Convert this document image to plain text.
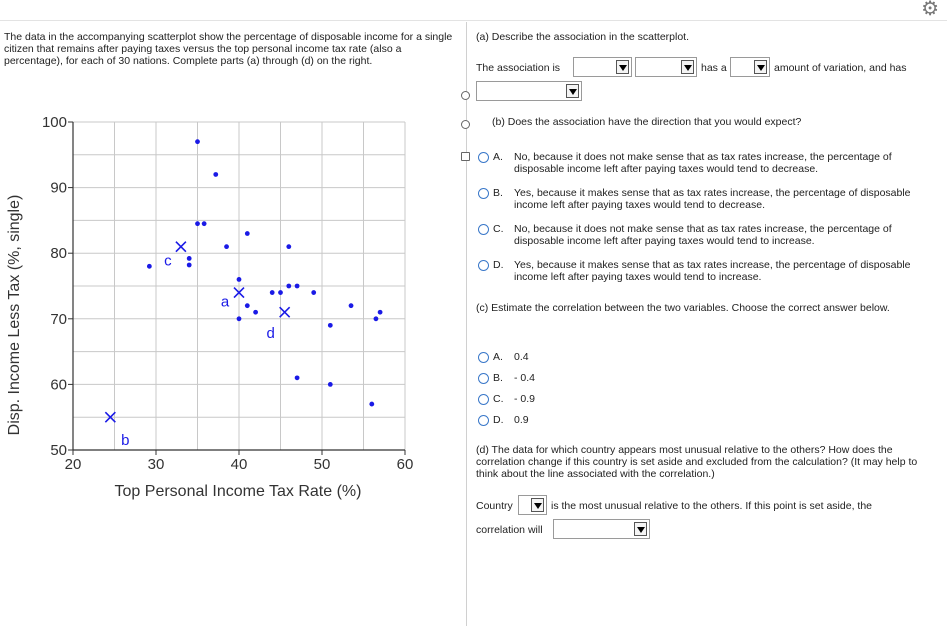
⚙
The data in the accompanying scatterplot show the percentage of disposable income for a single citizen that remains after paying taxes versus the top personal income tax rate (also a percentage), for each of 30 nations. Complete parts (a) through (d) on the right.
20	30	40	50	60
50
60
70
80
90
100
a
b
c
d
Top Personal Income Tax Rate (%)
Disp. Income Less Tax (%, single)
(a) Describe the association in the scatterplot.
The association is	has a	amount of variation, and has
(b) Does the association have the direction that you would expect?
A. No, because it does not make sense that as tax rates increase, the percentage of disposable income left after paying taxes would tend to decrease.
B. Yes, because it makes sense that as tax rates increase, the percentage of disposable income left after paying taxes would tend to decrease.
C. No, because it does not make sense that as tax rates increase, the percentage of disposable income left after paying taxes would tend to increase.
D. Yes, because it makes sense that as tax rates increase, the percentage of disposable income left after paying taxes would tend to increase.
(c) Estimate the correlation between the two variables. Choose the correct answer below.
A. 0.4
B. - 0.4
C. - 0.9
D. 0.9
(d) The data for which country appears most unusual relative to the others? How does the correlation change if this country is set aside and excluded from the calculation? (It may help to think about the line associated with the correlation.)
Country	is the most unusual relative to the others. If this point is set aside, the
correlation will
